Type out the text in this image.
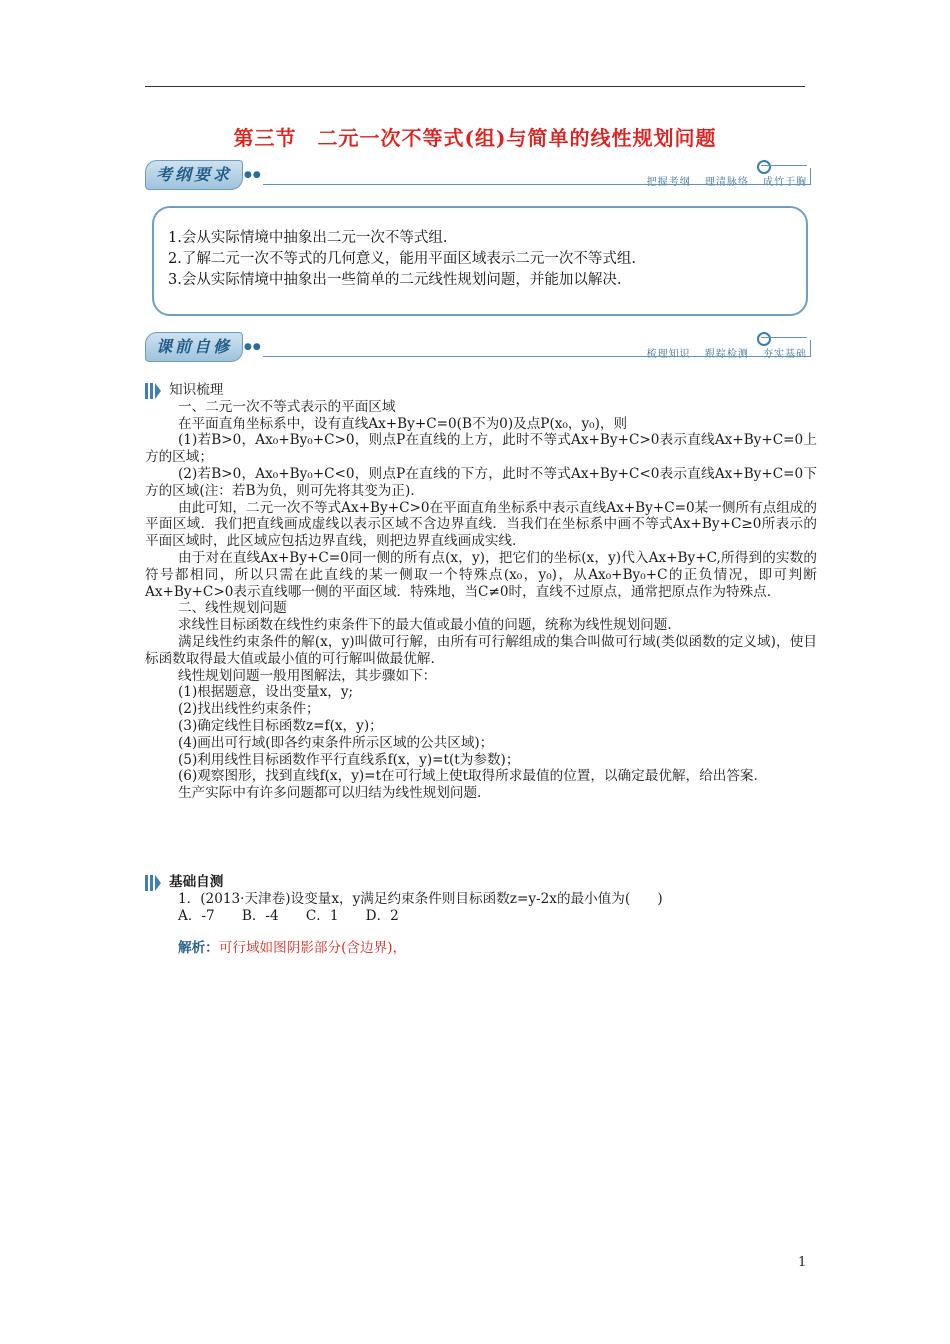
第三节　二元一次不等式(组)与简单的线性规划问题
考纲要求	●●
把握考纲 理清脉络 成竹于胸

1.会从实际情境中抽象出二元一次不等式组.

2.了解二元一次不等式的几何意义，能用平面区域表示二元一次不等式组.

3.会从实际情境中抽象出一些简单的二元线性规划问题，并能加以解决.

课前自修	●●
梳理知识 跟踪检测 夯实基础

知识梳理

一、二元一次不等式表示的平面区域

在平面直角坐标系中，设有直线Ax+By+C=0(B不为0)及点P(x₀，y₀)，则

(1)若B>0，Ax₀+By₀+C>0，则点P在直线的上方，此时不等式Ax+By+C>0表示直线Ax+By+C=0上方的区域；

(2)若B>0，Ax₀+By₀+C<0，则点P在直线的下方，此时不等式Ax+By+C<0表示直线Ax+By+C=0下方的区域(注：若B为负，则可先将其变为正).

由此可知，二元一次不等式Ax+By+C>0在平面直角坐标系中表示直线Ax+By+C=0某一侧所有点组成的平面区域．我们把直线画成虚线以表示区域不含边界直线．当我们在坐标系中画不等式Ax+By+C≥0所表示的平面区域时，此区域应包括边界直线，则把边界直线画成实线.

由于对在直线Ax+By+C=0同一侧的所有点(x，y)，把它们的坐标(x，y)代入Ax+By+C,所得到的实数的符号都相同，所以只需在此直线的某一侧取一个特殊点(x₀，y₀)，从Ax₀+By₀+C的正负情况，即可判断Ax+By+C>0表示直线哪一侧的平面区域．特殊地，当C≠0时，直线不过原点，通常把原点作为特殊点.

二、线性规划问题

求线性目标函数在线性约束条件下的最大值或最小值的问题，统称为线性规划问题.

满足线性约束条件的解(x，y)叫做可行解，由所有可行解组成的集合叫做可行域(类似函数的定义域)，使目标函数取得最大值或最小值的可行解叫做最优解.

线性规划问题一般用图解法，其步骤如下：

(1)根据题意，设出变量x，y;

(2)找出线性约束条件；

(3)确定线性目标函数z=f(x，y)；

(4)画出可行域(即各约束条件所示区域的公共区域)；

(5)利用线性目标函数作平行直线系f(x，y)=t(t为参数)；

(6)观察图形，找到直线f(x，y)=t在可行域上使t取得所求最值的位置，以确定最优解，给出答案.

生产实际中有许多问题都可以归结为线性规划问题.

基础自测

1．(2013·天津卷)设变量x，y满足约束条件则目标函数z=y-2x的最小值为(　　)

A．-7　　B．-4　　C．1　　D．2

解析：可行域如图阴影部分(含边界)，

1
